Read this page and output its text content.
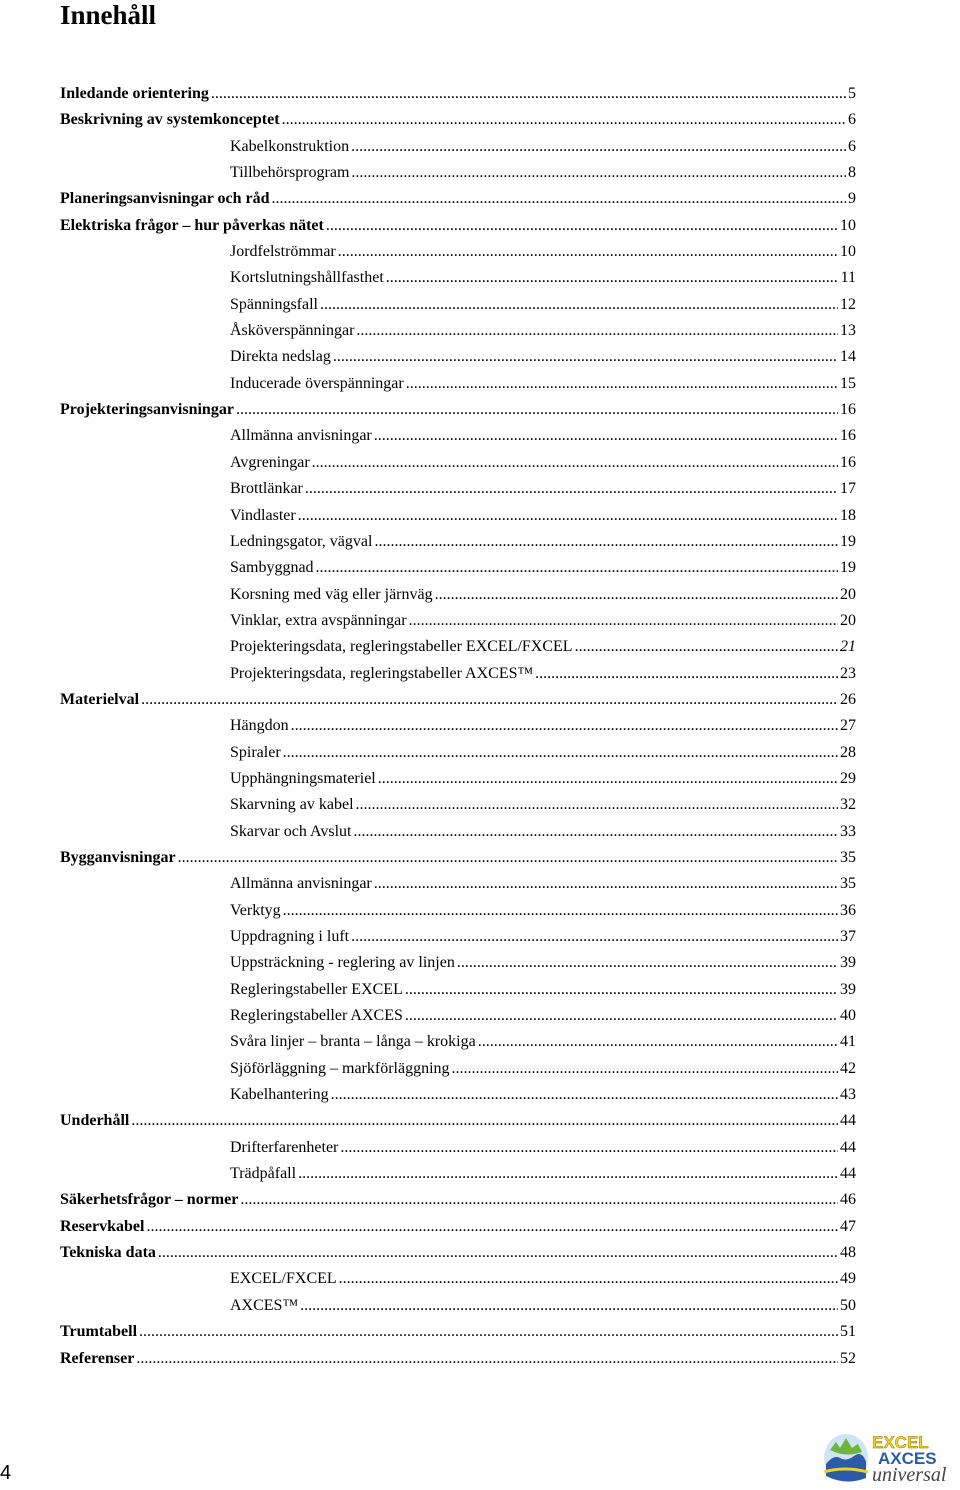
Innehåll
Inledande orientering .....	5
Beskrivning av systemkonceptet .....	6
Kabelkonstruktion .....	6
Tillbehörsprogram .....	8
Planeringsanvisningar och råd .....	9
Elektriska frågor – hur påverkas nätet .....	10
Jordfelströmmar .....	10
Kortslutningshållfasthet .....	11
Spänningsfall .....	12
Åsköverspänningar .....	13
Direkta nedslag .....	14
Inducerade överspänningar .....	15
Projekteringsanvisningar .....	16
Allmänna anvisningar .....	16
Avgreningar .....	16
Brottlänkar .....	17
Vindlaster .....	18
Ledningsgator, vägval .....	19
Sambyggnad .....	19
Korsning med väg eller järnväg .....	20
Vinklar, extra avspänningar .....	20
Projekteringsdata, regleringstabeller EXCEL/FXCEL .....	21
Projekteringsdata, regleringstabeller AXCES™ .....	23
Materielval .....	26
Hängdon .....	27
Spiraler .....	28
Upphängningsmateriel .....	29
Skarvning av kabel .....	32
Skarvar och Avslut .....	33
Bygganvisningar .....	35
Allmänna anvisningar .....	35
Verktyg .....	36
Uppdragning i luft .....	37
Uppsträckning - reglering av linjen .....	39
Regleringstabeller EXCEL .....	39
Regleringstabeller AXCES .....	40
Svåra linjer – branta – långa – krokiga .....	41
Sjöförläggning – markförläggning .....	42
Kabelhantering .....	43
Underhåll .....	44
Drifterfarenheter .....	44
Trädpåfall .....	44
Säkerhetsfrågor – normer .....	46
Reservkabel .....	47
Tekniska data .....	48
EXCEL/FXCEL .....	49
AXCES™ .....	50
Trumtabell .....	51
Referenser .....	52
4
EXCEL
AXCES
universal
